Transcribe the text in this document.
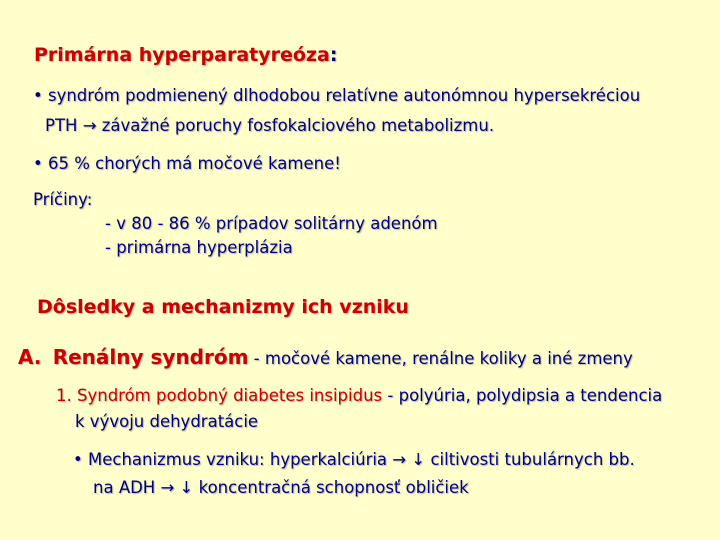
Primárna hyperparatyreóza:
• syndróm podmienený dlhodobou relatívne autonómnou hypersekréciou
PTH → závažné poruchy fosfokalciového metabolizmu.
• 65 % chorých má močové kamene!
Príčiny:
- v 80 - 86 % prípadov solitárny adenóm
- primárna hyperplázia
Dôsledky a mechanizmy ich vzniku
A. Renálny syndróm - močové kamene, renálne koliky a iné zmeny
1. Syndróm podobný diabetes insipidus - polyúria, polydipsia a tendencia
k vývoju dehydratácie
• Mechanizmus vzniku: hyperkalciúria → ↓ ciltivosti tubulárnych bb.
na ADH → ↓ koncentračná schopnosť obličiek
